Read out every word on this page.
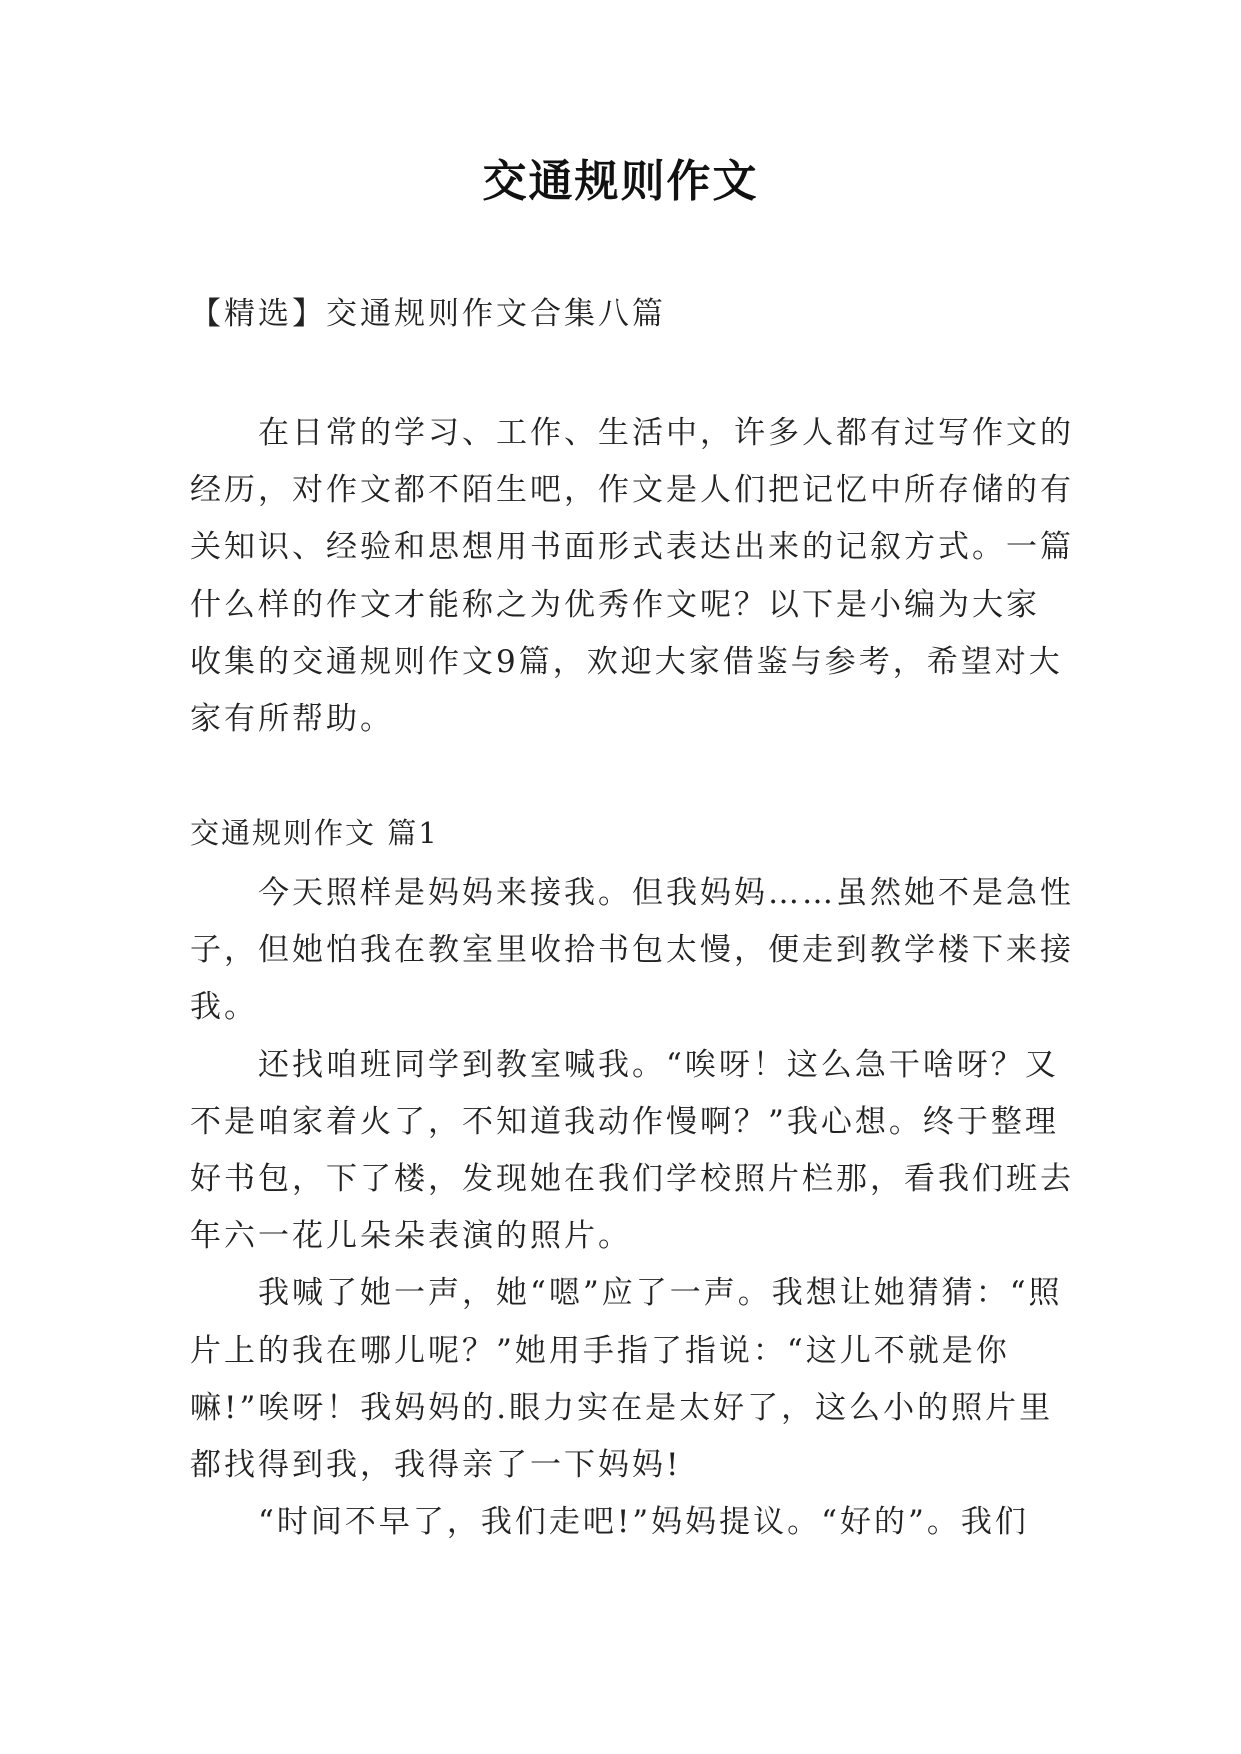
交通规则作文
【精选】交通规则作文合集八篇
在日常的学习、工作、生活中，许多人都有过写作文的
经历，对作文都不陌生吧，作文是人们把记忆中所存储的有
关知识、经验和思想用书面形式表达出来的记叙方式。一篇
什么样的作文才能称之为优秀作文呢？以下是小编为大家
收集的交通规则作文9篇，欢迎大家借鉴与参考，希望对大
家有所帮助。
交通规则作文 篇1
今天照样是妈妈来接我。但我妈妈……虽然她不是急性
子，但她怕我在教室里收拾书包太慢，便走到教学楼下来接
我。
还找咱班同学到教室喊我。“唉呀！这么急干啥呀？又
不是咱家着火了，不知道我动作慢啊？”我心想。终于整理
好书包，下了楼，发现她在我们学校照片栏那，看我们班去
年六一花儿朵朵表演的照片。
我喊了她一声，她“嗯”应了一声。我想让她猜猜：“照
片上的我在哪儿呢？”她用手指了指说：“这儿不就是你
嘛!”唉呀！我妈妈的.眼力实在是太好了，这么小的照片里
都找得到我，我得亲了一下妈妈!
“时间不早了，我们走吧!”妈妈提议。“好的”。我们
